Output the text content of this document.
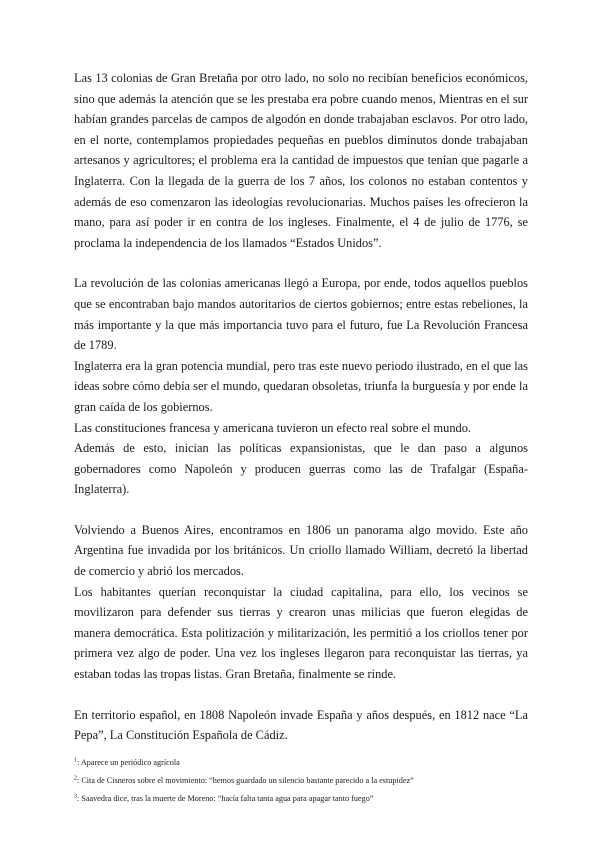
Las 13 colonias de Gran Bretaña por otro lado, no solo no recibían beneficios económicos, sino que además la atención que se les prestaba era pobre cuando menos, Mientras en el sur habían grandes parcelas de campos de algodón en donde trabajaban esclavos. Por otro lado, en el norte, contemplamos propiedades pequeñas en pueblos diminutos donde trabajaban artesanos y agricultores; el problema era la cantidad de impuestos que tenían que pagarle a Inglaterra. Con la llegada de la guerra de los 7 años, los colonos no estaban contentos y además de eso comenzaron las ideologías revolucionarias. Muchos países les ofrecieron la mano, para así poder ir en contra de los ingleses. Finalmente, el 4 de julio de 1776, se proclama la independencia de los llamados “Estados Unidos”.

La revolución de las colonias americanas llegó a Europa, por ende, todos aquellos pueblos que se encontraban bajo mandos autoritarios de ciertos gobiernos; entre estas rebeliones, la más importante y la que más importancia tuvo para el futuro, fue La Revolución Francesa de 1789.

Inglaterra era la gran potencia mundial, pero tras este nuevo periodo ilustrado, en el que las ideas sobre cómo debía ser el mundo, quedaran obsoletas, triunfa la burguesía y por ende la gran caída de los gobiernos.

Las constituciones francesa y americana tuvieron un efecto real sobre el mundo.

Además de esto, inician las políticas expansionistas, que le dan paso a algunos gobernadores como Napoleón y producen guerras como las de Trafalgar (España-Inglaterra).

Volviendo a Buenos Aires, encontramos en 1806 un panorama algo movido. Este año Argentina fue invadida por los británicos. Un criollo llamado William, decretó la libertad de comercio y abrió los mercados.

Los habitantes querían reconquistar la ciudad capitalina, para ello, los vecinos se movilizaron para defender sus tierras y crearon unas milicias que fueron elegidas de manera democrática. Esta politización y militarización, les permitió a los criollos tener por primera vez algo de poder. Una vez los ingleses llegaron para reconquistar las tierras, ya estaban todas las tropas listas. Gran Bretaña, finalmente se rinde.

En territorio español, en 1808 Napoleón invade España y años después, en 1812 nace “La Pepa”, La Constitución Española de Cádiz.

$^1$: Aparece un periódico agrícola

$^2$: Cita de Cisneros sobre el movimiento: “hemos guardado un silencio bastante parecido a la estupidez”

$^3$: Saavedra dice, tras la muerte de Moreno: “hacía falta tanta agua para apagar tanto fuego”
